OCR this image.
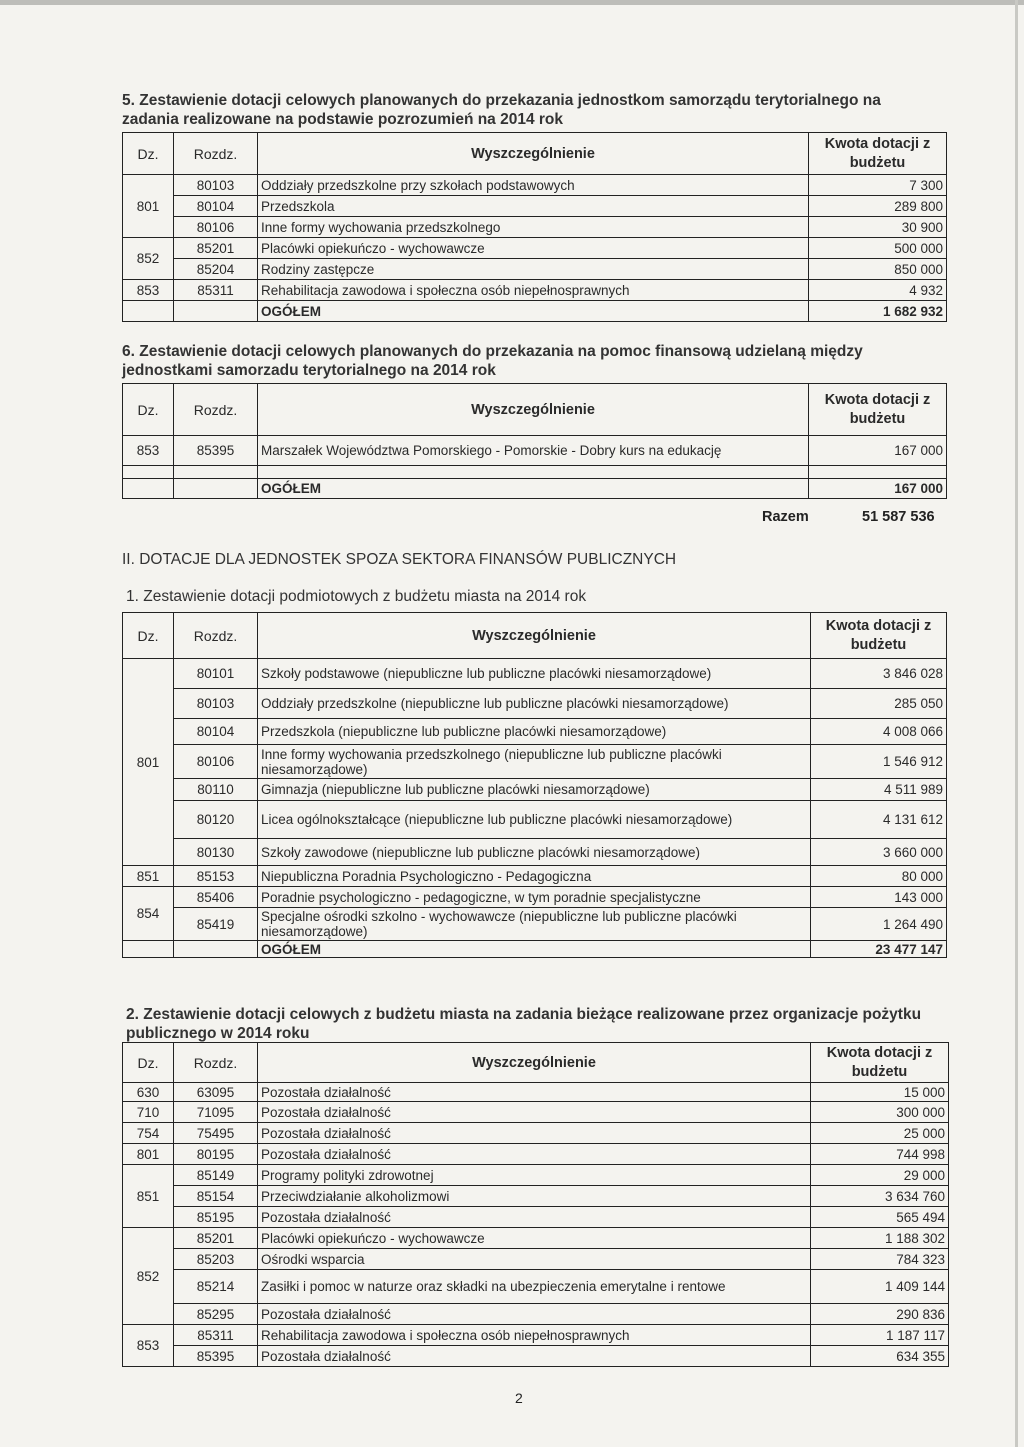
5. Zestawienie dotacji celowych planowanych do przekazania jednostkom samorządu terytorialnego na
zadania realizowane na podstawie pozrozumień na 2014 rok
Dz.	Rozdz.	Wyszczególnienie	Kwota dotacji z
budżetu

801	80103	Oddziały przedszkolne przy szkołach podstawowych	7 300
	80104	Przedszkola	289 800
	80106	Inne formy wychowania przedszkolnego	30 900
852	85201	Placówki opiekuńczo - wychowawcze	500 000
	85204	Rodziny zastępcze	850 000
853	85311	Rehabilitacja zawodowa i społeczna osób niepełnosprawnych	4 932
		OGÓŁEM	1 682 932
6. Zestawienie dotacji celowych planowanych do przekazania na pomoc finansową udzielaną między
jednostkami samorzadu terytorialnego na 2014 rok
Dz.	Rozdz.	Wyszczególnienie	Kwota dotacji z
budżetu

853	85395	Marszałek Województwa Pomorskiego - Pomorskie - Dobry kurs na edukację	167 000

		OGÓŁEM	167 000
Razem	51 587 536
II. DOTACJE DLA JEDNOSTEK SPOZA SEKTORA FINANSÓW PUBLICZNYCH
1. Zestawienie dotacji podmiotowych z budżetu miasta na 2014 rok
Dz.	Rozdz.	Wyszczególnienie	Kwota dotacji z
budżetu

801	80101	Szkoły podstawowe (niepubliczne lub publiczne placówki niesamorządowe)	3 846 028
	80103	Oddziały przedszkolne (niepubliczne lub publiczne placówki niesamorządowe)	285 050
	80104	Przedszkola (niepubliczne lub publiczne placówki niesamorządowe)	4 008 066
	80106	Inne formy wychowania przedszkolnego (niepubliczne lub publiczne placówki niesamorządowe)	1 546 912
	80110	Gimnazja (niepubliczne lub publiczne placówki niesamorządowe)	4 511 989
	80120	Licea ogólnokształcące (niepubliczne lub publiczne placówki niesamorządowe)	4 131 612
	80130	Szkoły zawodowe (niepubliczne lub publiczne placówki niesamorządowe)	3 660 000
851	85153	Niepubliczna Poradnia Psychologiczno - Pedagogiczna	80 000
854	85406	Poradnie psychologiczno - pedagogiczne, w tym poradnie specjalistyczne	143 000
	85419	Specjalne ośrodki szkolno - wychowawcze (niepubliczne lub publiczne placówki niesamorządowe)	1 264 490
		OGÓŁEM	23 477 147
2. Zestawienie dotacji celowych z budżetu miasta na zadania bieżące realizowane przez organizacje pożytku
publicznego w 2014 roku
Dz.	Rozdz.	Wyszczególnienie	Kwota dotacji z
budżetu

630	63095	Pozostała działalność	15 000
710	71095	Pozostała działalność	300 000
754	75495	Pozostała działalność	25 000
801	80195	Pozostała działalność	744 998
851	85149	Programy polityki zdrowotnej	29 000
	85154	Przeciwdziałanie alkoholizmowi	3 634 760
	85195	Pozostała działalność	565 494
852	85201	Placówki opiekuńczo - wychowawcze	1 188 302
	85203	Ośrodki wsparcia	784 323
	85214	Zasiłki i pomoc w naturze oraz składki na ubezpieczenia emerytalne i rentowe	1 409 144
	85295	Pozostała działalność	290 836
853	85311	Rehabilitacja zawodowa i społeczna osób niepełnosprawnych	1 187 117
	85395	Pozostała działalność	634 355
2
